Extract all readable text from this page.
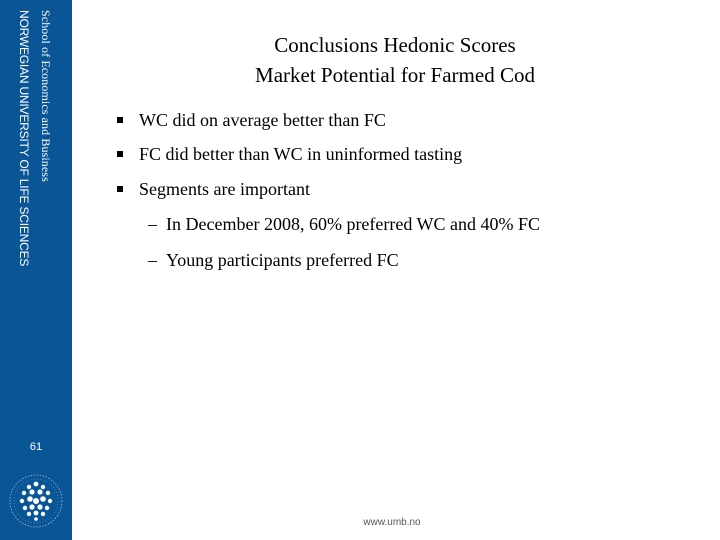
School of Economics and Business
NORWEGIAN UNIVERSITY OF LIFE SCIENCES
61
Conclusions Hedonic Scores
Market Potential for Farmed Cod
WC did on average better than FC
FC did better than WC in uninformed tasting
Segments are important
– In December 2008, 60% preferred WC and 40% FC
– Young participants preferred FC
www.umb.no
